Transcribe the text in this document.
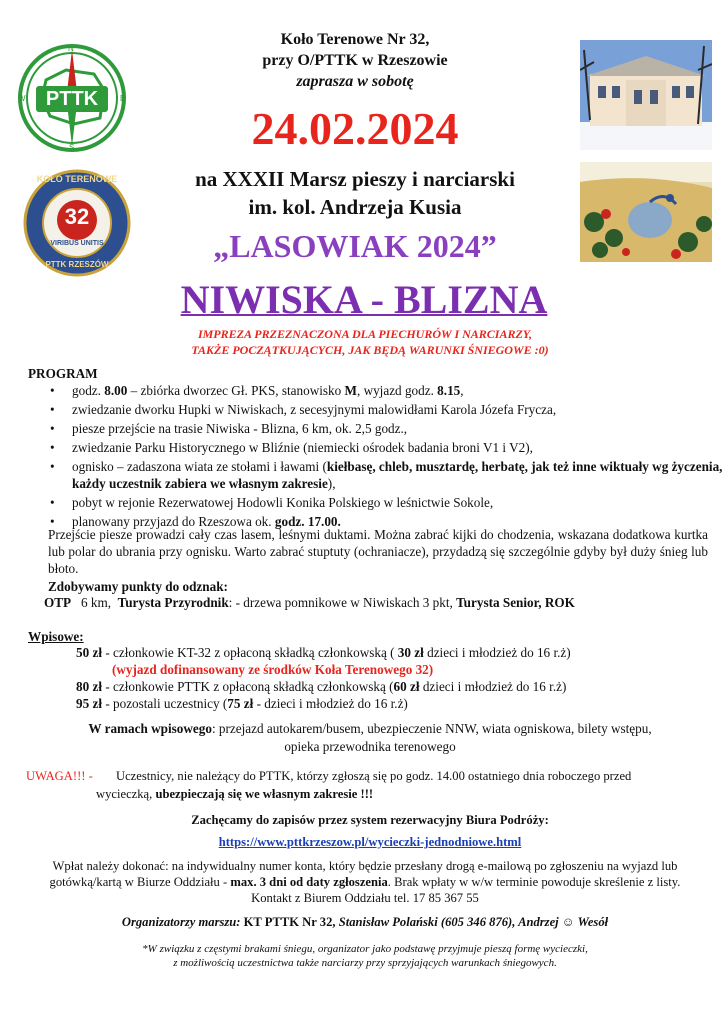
PTTK
N
S
E
W
KOŁO TERENOWE
32
VIRIBUS UNITIS
PTTK RZESZÓW
Koło Terenowe Nr 32,
przy O/PTTK w Rzeszowie
zaprasza w sobotę
24.02.2024
na XXXII Marsz pieszy i narciarski
im. kol. Andrzeja Kusia
„LASOWIAK 2024”
NIWISKA - BLIZNA
IMPREZA PRZEZNACZONA DLA PIECHURÓW I NARCIARZY,
TAKŻE POCZĄTKUJĄCYCH, JAK BĘDĄ WARUNKI ŚNIEGOWE :0)
PROGRAM
• godz. 8.00 – zbiórka dworzec Gł. PKS, stanowisko M, wyjazd godz. 8.15,
• zwiedzanie dworku Hupki w Niwiskach, z secesyjnymi malowidłami Karola Józefa Frycza,
• piesze przejście na trasie Niwiska - Blizna, 6 km, ok. 2,5 godz.,
• zwiedzanie Parku Historycznego w Bliźnie (niemiecki ośrodek badania broni V1 i V2),
• ognisko – zadaszona wiata ze stołami i ławami (kiełbasę, chleb, musztardę, herbatę, jak też inne wiktuały wg życzenia, każdy uczestnik zabiera we własnym zakresie),
• pobyt w rejonie Rezerwatowej Hodowli Konika Polskiego w leśnictwie Sokole,
• planowany przyjazd do Rzeszowa ok. godz. 17.00.
Przejście piesze prowadzi cały czas lasem, leśnymi duktami. Można zabrać kijki do chodzenia, wskazana dodatkowa kurtka lub polar do ubrania przy ognisku. Warto zabrać stuptuty (ochraniacze), przydadzą się szczególnie gdyby był duży śnieg lub błoto.
Zdobywamy punkty do odznak:
OTP 6 km, Turysta Przyrodnik: - drzewa pomnikowe w Niwiskach 3 pkt, Turysta Senior, ROK
Wpisowe:
50 zł - członkowie KT-32 z opłaconą składką członkowską ( 30 zł dzieci i młodzież do 16 r.ż)
(wyjazd dofinansowany ze środków Koła Terenowego 32)
80 zł - członkowie PTTK z opłaconą składką członkowską (60 zł dzieci i młodzież do 16 r.ż)
95 zł - pozostali uczestnicy (75 zł - dzieci i młodzież do 16 r.ż)
W ramach wpisowego: przejazd autokarem/busem, ubezpieczenie NNW, wiata ogniskowa, bilety wstępu,
opieka przewodnika terenowego
UWAGA!!! - Uczestnicy, nie należący do PTTK, którzy zgłoszą się po godz. 14.00 ostatniego dnia roboczego przed
wycieczką, ubezpieczają się we własnym zakresie !!!
Zachęcamy do zapisów przez system rezerwacyjny Biura Podróży:
https://www.pttkrzeszow.pl/wycieczki-jednodniowe.html
Wpłat należy dokonać: na indywidualny numer konta, który będzie przesłany drogą e-mailową po zgłoszeniu na wyjazd lub
gotówką/kartą w Biurze Oddziału - max. 3 dni od daty zgłoszenia. Brak wpłaty w w/w terminie powoduje skreślenie z listy.
Kontakt z Biurem Oddziału tel. 17 85 367 55
Organizatorzy marszu: KT PTTK Nr 32, Stanisław Polański (605 346 876), Andrzej ☺ Wesół
*W związku z częstymi brakami śniegu, organizator jako podstawę przyjmuje pieszą formę wycieczki,
z możliwością uczestnictwa także narciarzy przy sprzyjających warunkach śniegowych.
